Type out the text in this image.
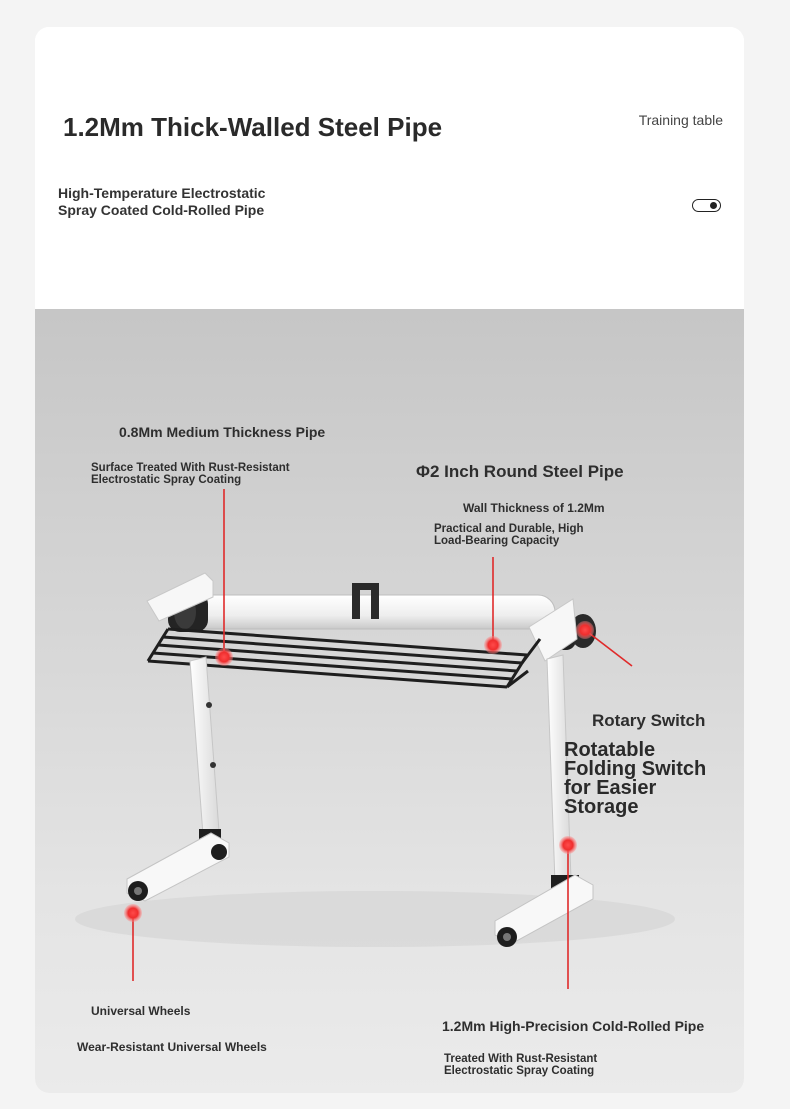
1.2Mm Thick-Walled Steel Pipe
High-Temperature Electrostatic
Spray Coated Cold-Rolled Pipe
Training table
0.8Mm Medium Thickness Pipe
Surface Treated With Rust-Resistant
Electrostatic Spray Coating	Φ2 Inch Round Steel Pipe
Wall Thickness of 1.2Mm
Practical and Durable, High
Load-Bearing Capacity
Rotary Switch
Rotatable
Folding Switch
for Easier
Storage
Universal Wheels
Wear-Resistant Universal Wheels
1.2Mm High-Precision Cold-Rolled Pipe
Treated With Rust-Resistant
Electrostatic Spray Coating
